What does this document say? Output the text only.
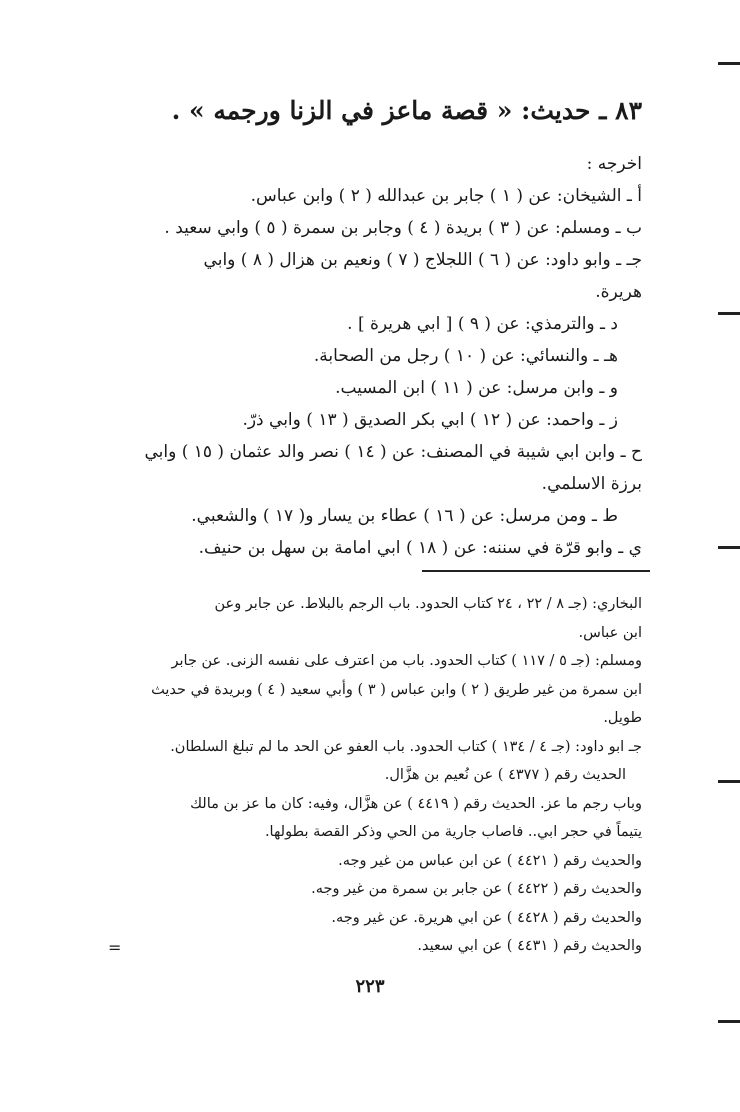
٨٣ ـ حديث: « قصة ماعز في الزنا ورجمه » .
اخرجه :
أ ـ الشيخان: عن ( ١ ) جابر بن عبدالله ( ٢ ) وابن عباس.
ب ـ ومسلم: عن ( ٣ ) بريدة ( ٤ ) وجابر بن سمرة ( ٥ ) وابي سعيد .
جـ ـ وابو داود: عن ( ٦ ) اللجلاج ( ٧ ) ونعيم بن هزال ( ٨ ) وابي
هريرة.
د ـ والترمذي: عن ( ٩ ) [ ابي هريرة ] .
هـ ـ والنسائي: عن ( ١٠ ) رجل من الصحابة.
و ـ وابن مرسل: عن ( ١١ ) ابن المسيب.
ز ـ واحمد: عن ( ١٢ ) ابي بكر الصديق ( ١٣ ) وابي ذرّ.
ح ـ وابن ابي شيبة في المصنف: عن ( ١٤ ) نصر والد عثمان ( ١٥ ) وابي
برزة الاسلمي.
ط ـ ومن مرسل: عن ( ١٦ ) عطاء بن يسار و( ١٧ ) والشعبي.
ي ـ وابو قرّة في سننه: عن ( ١٨ ) ابي امامة بن سهل بن حنيف.
البخاري: (جـ ٨ / ٢٢ ، ٢٤ كتاب الحدود. باب الرجم بالبلاط. عن جابر وعن
ابن عباس.
ومسلم: (جـ ٥ / ١١٧ ) كتاب الحدود. باب من اعترف على نفسه الزنى. عن جابر
ابن سمرة من غير طريق ( ٢ ) وابن عباس ( ٣ ) وأبي سعيد ( ٤ ) وبريدة في حديث
طويل.
جـ ابو داود: (جـ ٤ / ١٣٤ ) كتاب الحدود. باب العفو عن الحد ما لم تبلغ السلطان.
الحديث رقم ( ٤٣٧٧ ) عن نُعيم بن هزَّال.
وباب رجم ما عز. الحديث رقم ( ٤٤١٩ ) عن هزَّال، وفيه: كان ما عز بن مالك
يتيماً في حجر ابي.. فاصاب جارية من الحي وذكر القصة بطولها.
والحديث رقم ( ٤٤٢١ ) عن ابن عباس من غير وجه.
والحديث رقم ( ٤٤٢٢ ) عن جابر بن سمرة من غير وجه.
والحديث رقم ( ٤٤٢٨ ) عن ابي هريرة. عن غير وجه.
والحديث رقم ( ٤٤٣١ ) عن ابي سعيد.
=
٢٢٣
